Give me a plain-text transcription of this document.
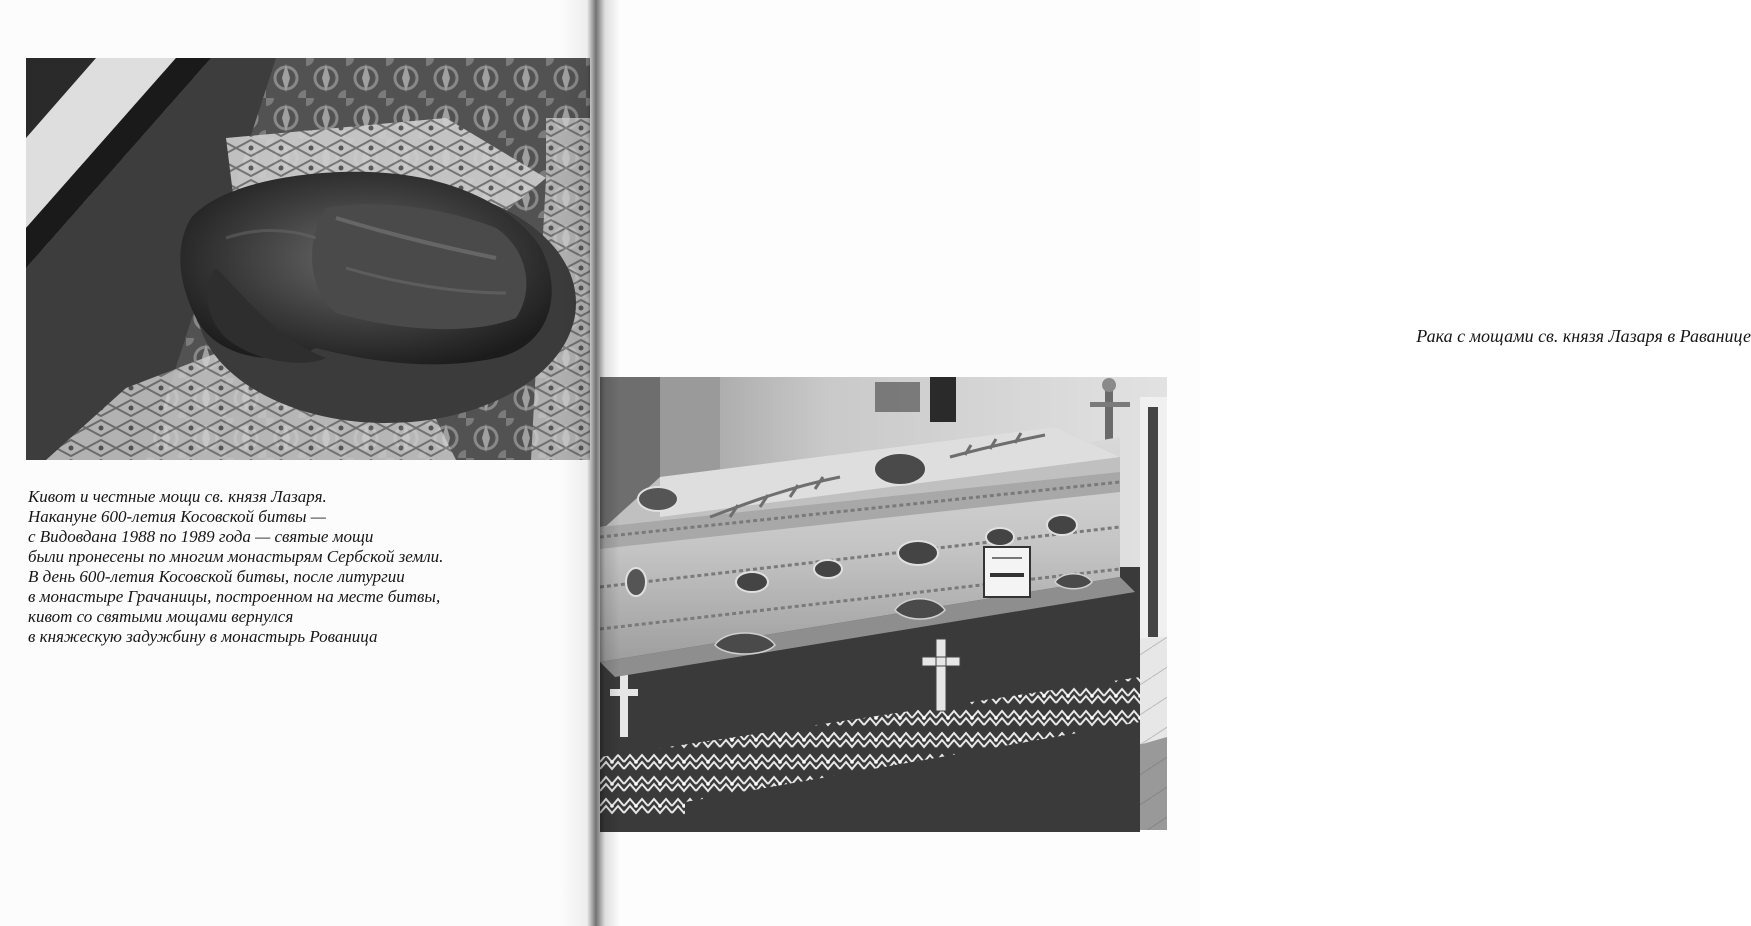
Кивот и честные мощи св. князя Лазаря.
Накануне 600-летия Косовской битвы —
с Видовдана 1988 по 1989 года — святые мощи
были пронесены по многим монастырям Сербской земли.
В день 600-летия Косовской битвы, после литургии
в монастыре Грачаницы, построенном на месте битвы,
кивот со святыми мощами вернулся
в княжескую задужбину в монастырь Рованица
Рака с мощами св. князя Лазаря в Раванице
